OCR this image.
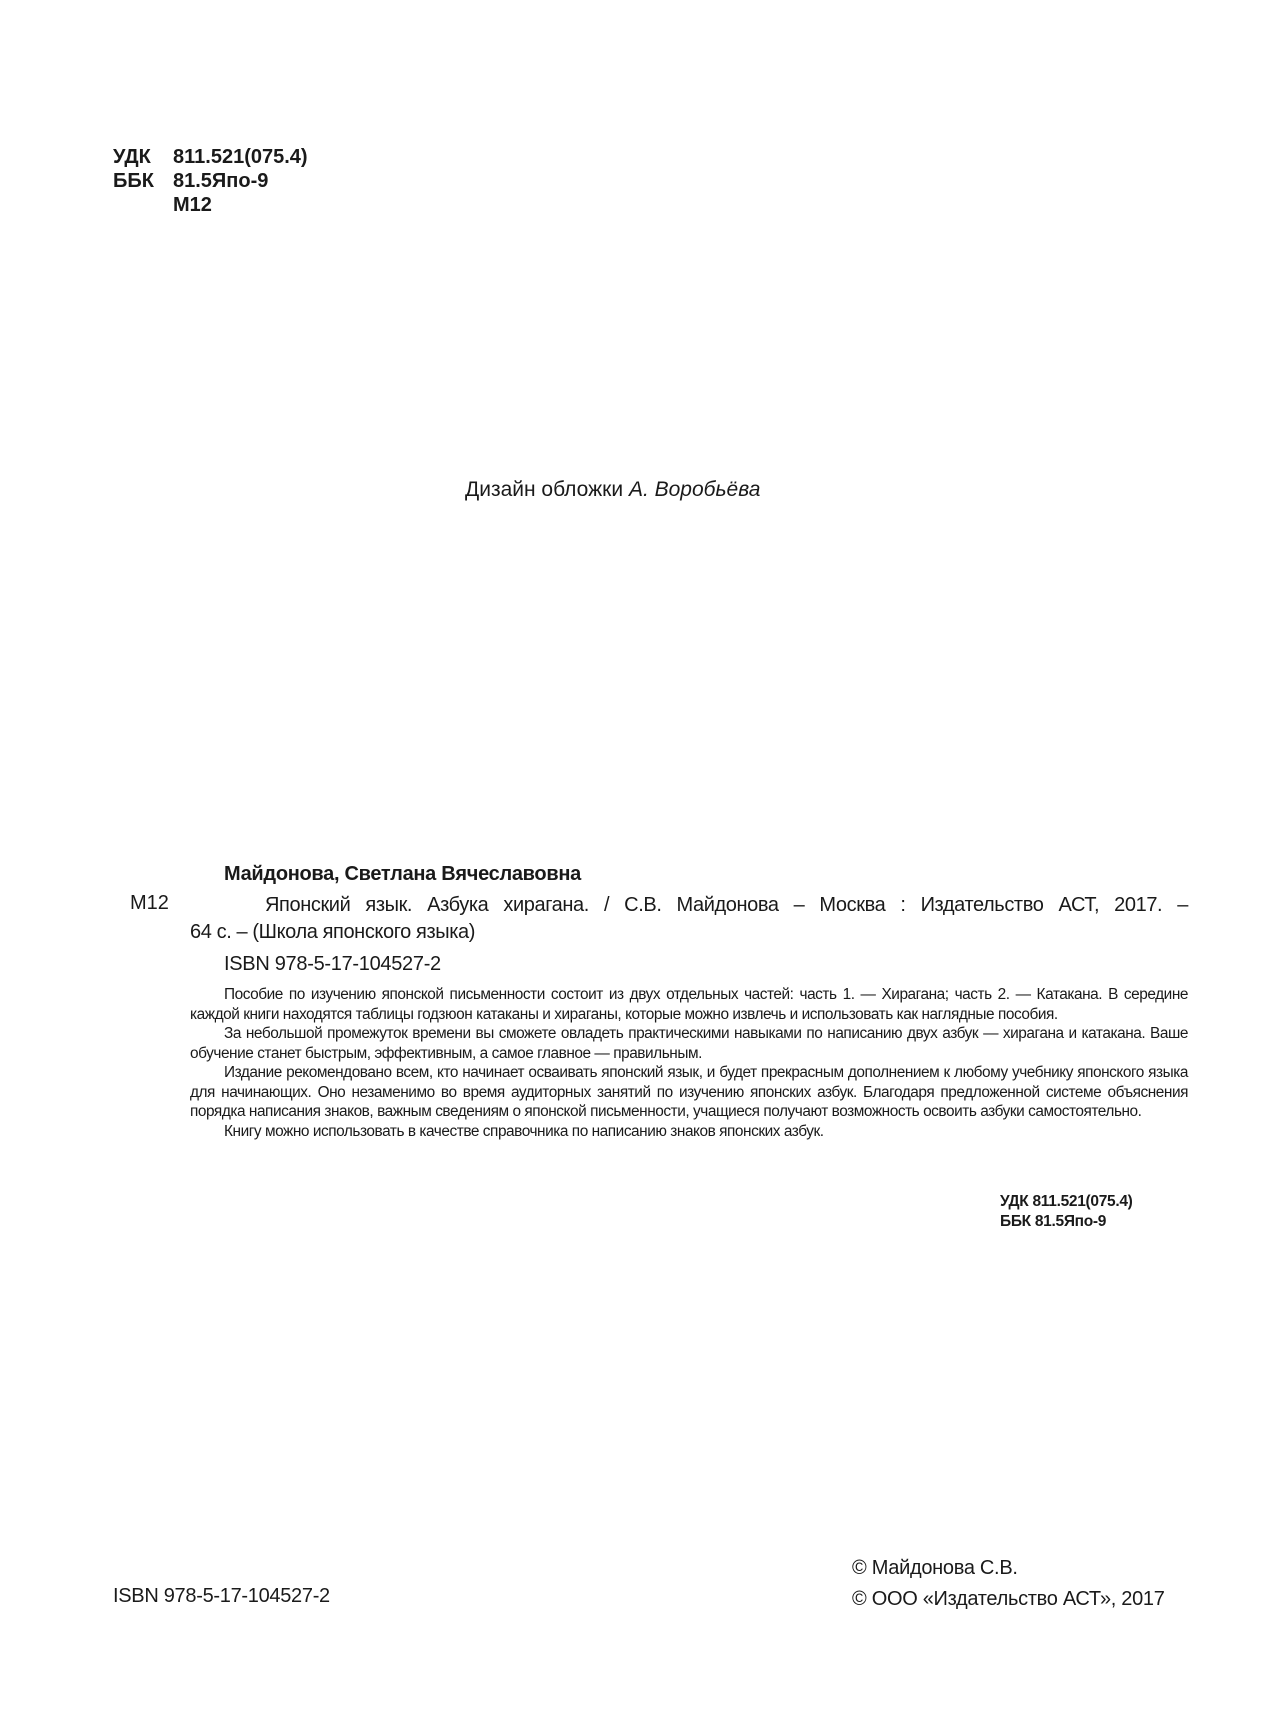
УДК	811.521(075.4)
ББК 81.5Япо-9
М12
Дизайн обложки А. Воробьёва
Майдонова, Светлана Вячеславовна
М12	Японский язык. Азбука хирагана. / С.В. Майдонова – Москва : Издательство АСТ, 2017. –
64 с. – (Школа японского языка)
ISBN 978-5-17-104527-2

Пособие по изучению японской письменности состоит из двух отдельных частей: часть 1. — Хирагана; часть 2. — Катакана. В середине каждой книги находятся таблицы годзюон катаканы и хираганы, которые можно извлечь и использовать как наглядные пособия.

За небольшой промежуток времени вы сможете овладеть практическими навыками по написанию двух азбук — хирагана и катакана. Ваше обучение станет быстрым, эффективным, а самое главное — правильным.

Издание рекомендовано всем, кто начинает осваивать японский язык, и будет прекрасным дополнением к любому учебнику японского языка для начинающих. Оно незаменимо во время аудиторных занятий по изучению японских азбук. Благодаря предложенной системе объяснения порядка написания знаков, важным сведениям о японской письменности, учащиеся получают возможность освоить азбуки самостоятельно.

Книгу можно использовать в качестве справочника по написанию знаков японских азбук.

УДК 811.521(075.4)
ББК 81.5Япо-9
ISBN 978-5-17-104527-2
© Майдонова С.В.
© ООО «Издательство АСТ», 2017
